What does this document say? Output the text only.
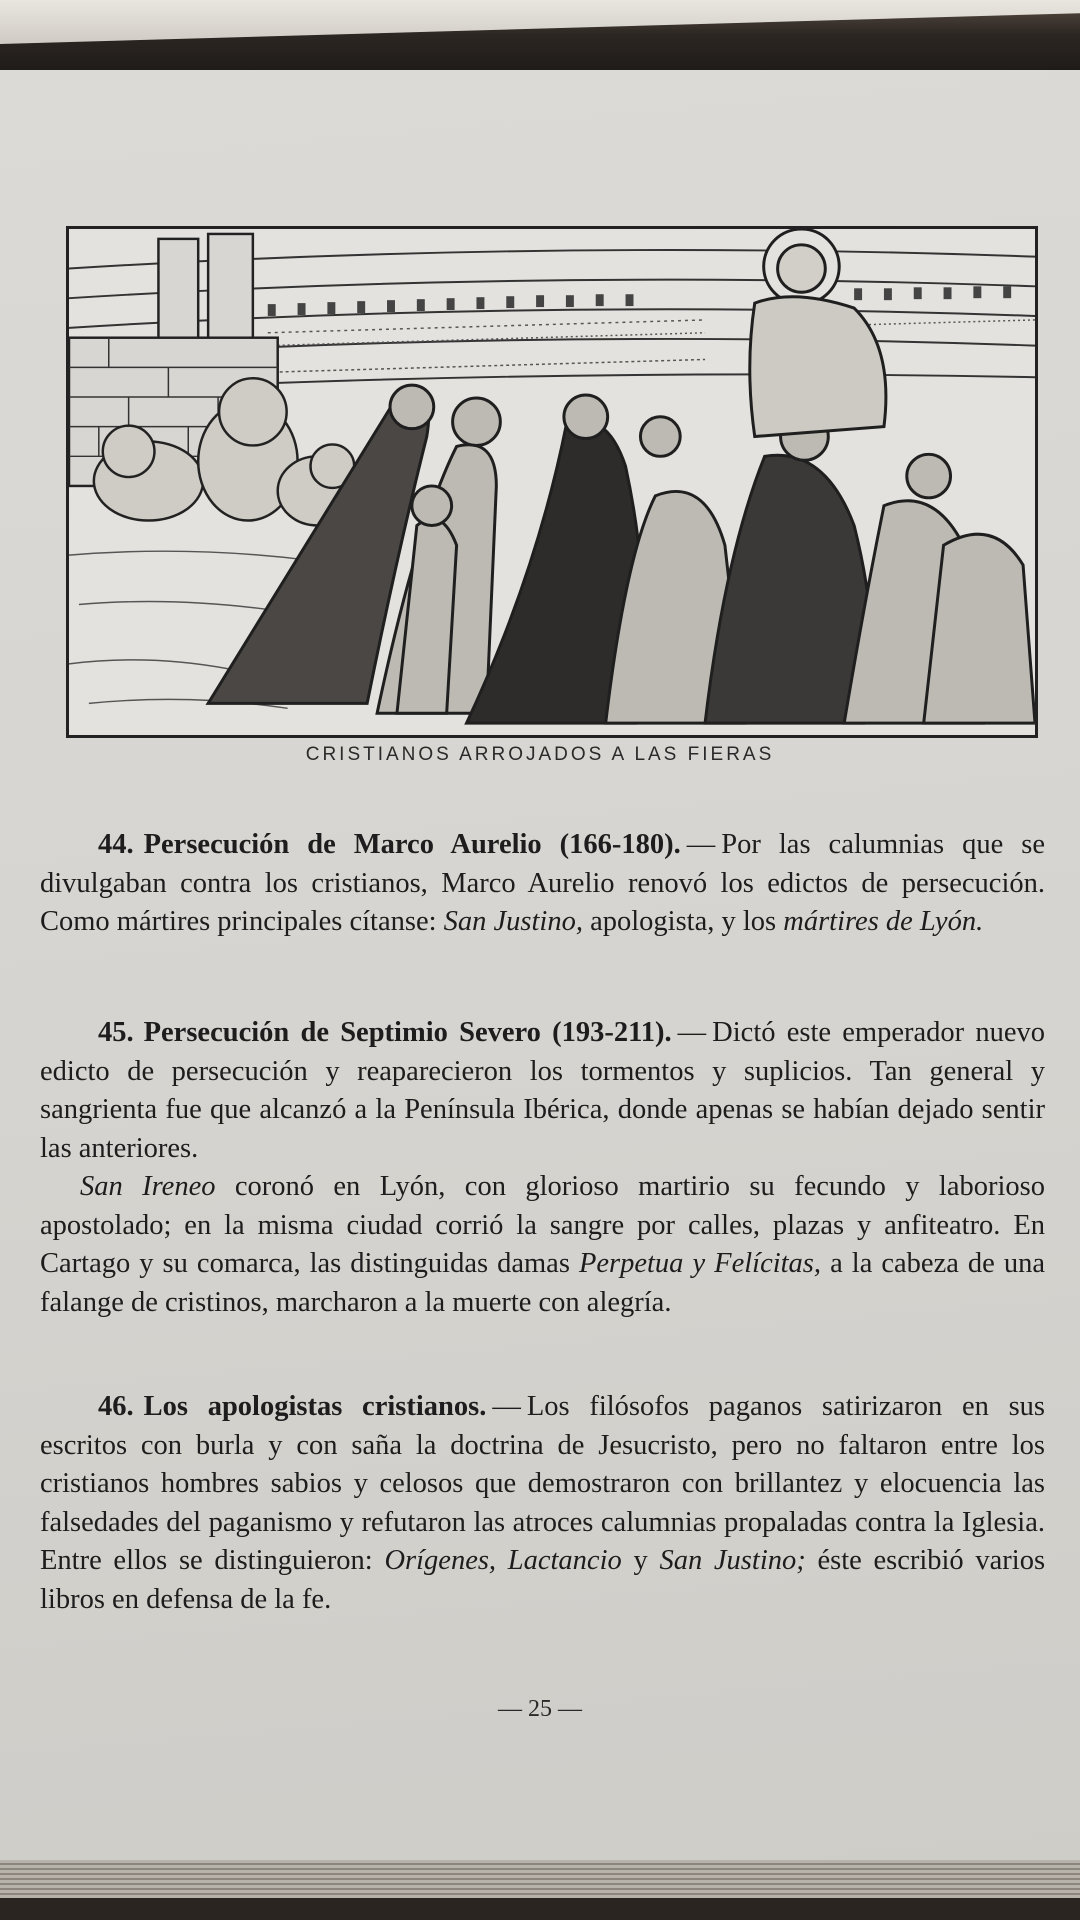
CRISTIANOS ARROJADOS A LAS FIERAS

44. Persecución de Marco Aurelio (166-180). — Por las calumnias que se divulgaban contra los cristianos, Marco Aurelio renovó los edictos de persecución. Como mártires principales cítanse: San Justino, apologista, y los mártires de Lyón.

45. Persecución de Septimio Severo (193-211). — Dictó este emperador nuevo edicto de persecución y reaparecieron los tormentos y suplicios. Tan general y sangrienta fue que alcanzó a la Península Ibérica, donde apenas se habían dejado sentir las anteriores.

San Ireneo coronó en Lyón, con glorioso martirio su fecundo y laborioso apostolado; en la misma ciudad corrió la sangre por calles, plazas y anfiteatro. En Cartago y su comarca, las distinguidas damas Perpetua y Felícitas, a la cabeza de una falange de cristinos, marcharon a la muerte con alegría.

46. Los apologistas cristianos. — Los filósofos paganos satirizaron en sus escritos con burla y con saña la doctrina de Jesucristo, pero no faltaron entre los cristianos hombres sabios y celosos que demostraron con brillantez y elocuencia las falsedades del paganismo y refutaron las atroces calumnias propaladas contra la Iglesia. Entre ellos se distinguieron: Orígenes, Lactancio y San Justino; éste escribió varios libros en defensa de la fe.

— 25 —
